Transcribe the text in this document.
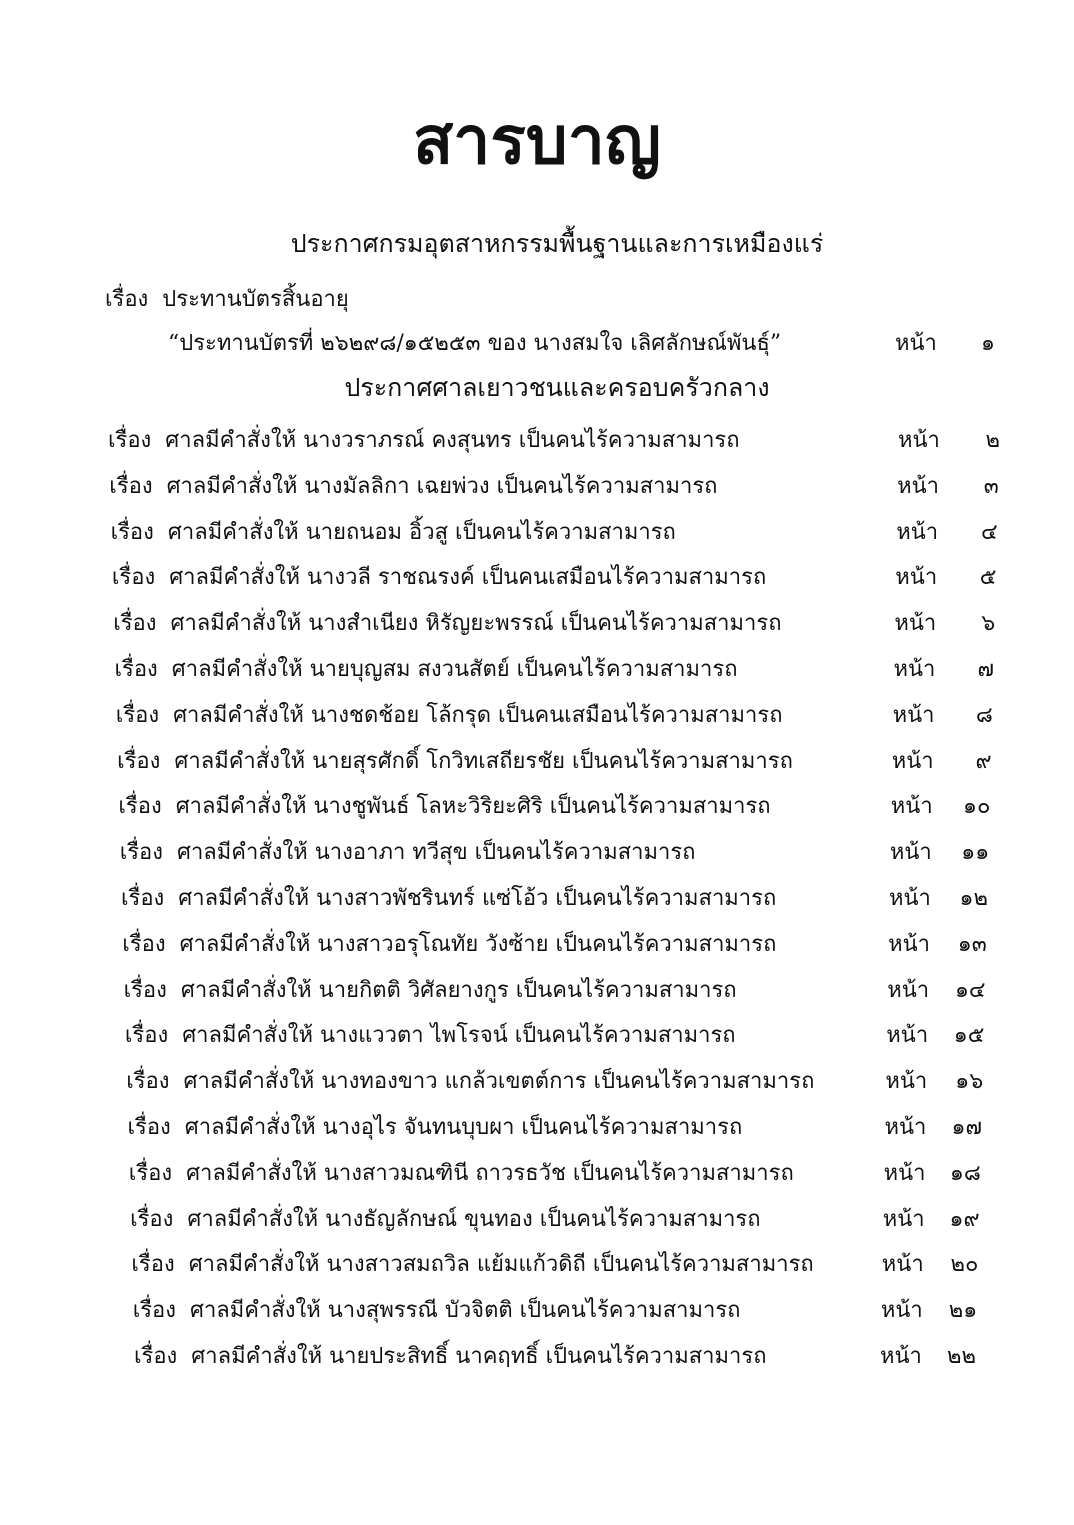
สารบาญ
ประกาศกรมอุตสาหกรรมพื้นฐานและการเหมืองแร่
เรื่อง ประทานบัตรสิ้นอายุ
“ประทานบัตรที่ ๒๖๒๙๘/๑๕๒๕๓ ของ นางสมใจ เลิศลักษณ์พันธุ์”	หน้า	๑
ประกาศศาลเยาวชนและครอบครัวกลาง
เรื่อง ศาลมีคำสั่งให้ นางวราภรณ์ คงสุนทร เป็นคนไร้ความสามารถ	หน้า	๒
เรื่อง ศาลมีคำสั่งให้ นางมัลลิกา เฉยพ่วง เป็นคนไร้ความสามารถ	หน้า	๓
เรื่อง ศาลมีคำสั่งให้ นายถนอม อิ้วสู เป็นคนไร้ความสามารถ	หน้า	๔
เรื่อง ศาลมีคำสั่งให้ นางวลี ราชณรงค์ เป็นคนเสมือนไร้ความสามารถ	หน้า	๕
เรื่อง ศาลมีคำสั่งให้ นางสำเนียง หิรัญยะพรรณ์ เป็นคนไร้ความสามารถ	หน้า	๖
เรื่อง ศาลมีคำสั่งให้ นายบุญสม สงวนสัตย์ เป็นคนไร้ความสามารถ	หน้า	๗
เรื่อง ศาลมีคำสั่งให้ นางชดช้อย โล้กรุด เป็นคนเสมือนไร้ความสามารถ	หน้า	๘
เรื่อง ศาลมีคำสั่งให้ นายสุรศักดิ์ โกวิทเสถียรชัย เป็นคนไร้ความสามารถ	หน้า	๙
เรื่อง ศาลมีคำสั่งให้ นางชูพันธ์ โลหะวิริยะศิริ เป็นคนไร้ความสามารถ	หน้า	๑๐
เรื่อง ศาลมีคำสั่งให้ นางอาภา ทวีสุข เป็นคนไร้ความสามารถ	หน้า	๑๑
เรื่อง ศาลมีคำสั่งให้ นางสาวพัชรินทร์ แซ่โอ้ว เป็นคนไร้ความสามารถ	หน้า	๑๒
เรื่อง ศาลมีคำสั่งให้ นางสาวอรุโณทัย วังซ้าย เป็นคนไร้ความสามารถ	หน้า	๑๓
เรื่อง ศาลมีคำสั่งให้ นายกิตติ วิศัลยางกูร เป็นคนไร้ความสามารถ	หน้า	๑๔
เรื่อง ศาลมีคำสั่งให้ นางแววตา ไพโรจน์ เป็นคนไร้ความสามารถ	หน้า	๑๕
เรื่อง ศาลมีคำสั่งให้ นางทองขาว แกล้วเขตต์การ เป็นคนไร้ความสามารถ	หน้า	๑๖
เรื่อง ศาลมีคำสั่งให้ นางอุไร จันทนบุบผา เป็นคนไร้ความสามารถ	หน้า	๑๗
เรื่อง ศาลมีคำสั่งให้ นางสาวมณฑินี ถาวรธวัช เป็นคนไร้ความสามารถ	หน้า	๑๘
เรื่อง ศาลมีคำสั่งให้ นางธัญลักษณ์ ขุนทอง เป็นคนไร้ความสามารถ	หน้า	๑๙
เรื่อง ศาลมีคำสั่งให้ นางสาวสมถวิล แย้มแก้วดิถี เป็นคนไร้ความสามารถ	หน้า	๒๐
เรื่อง ศาลมีคำสั่งให้ นางสุพรรณี บัวจิตติ เป็นคนไร้ความสามารถ	หน้า	๒๑
เรื่อง ศาลมีคำสั่งให้ นายประสิทธิ์ นาคฤทธิ์ เป็นคนไร้ความสามารถ	หน้า	๒๒
